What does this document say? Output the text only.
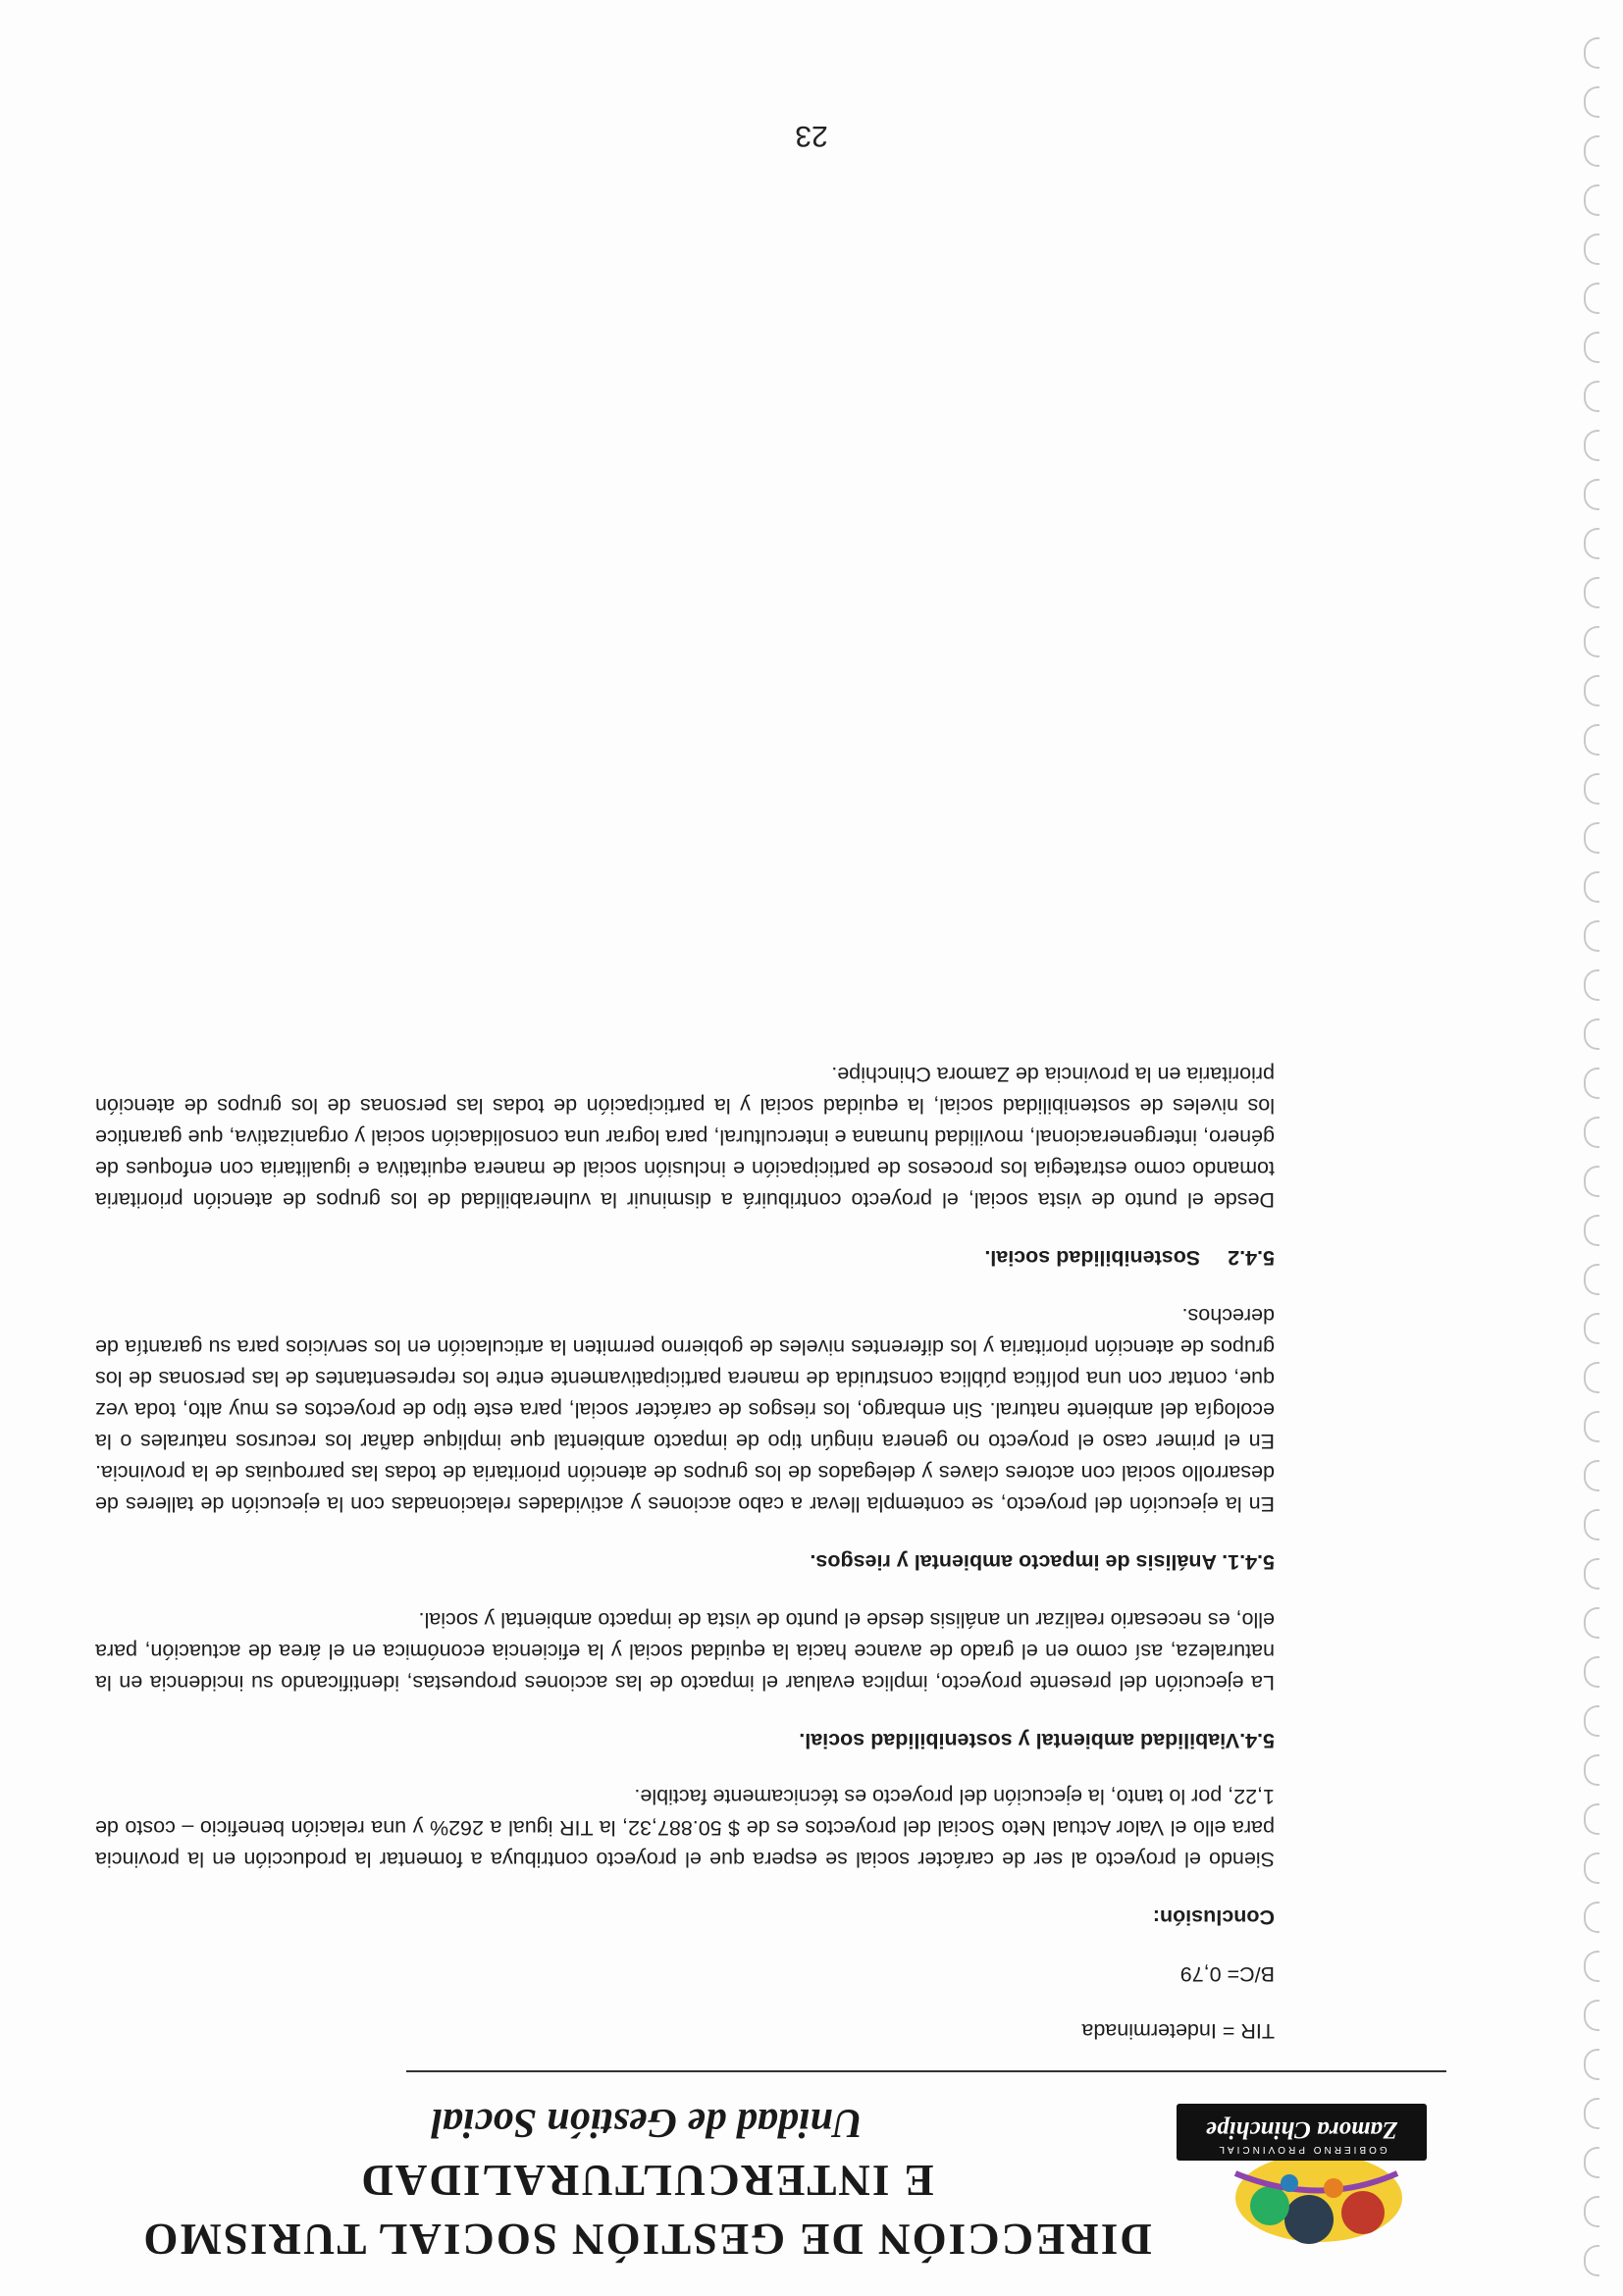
GOBIERNO PROVINCIAL
Zamora Chinchipe
DIRECCIÓN DE GESTIÓN SOCIAL TURISMO
E INTERCULTURALIDAD
Unidad de Gestión Social
TIR = Indeterminada
B/C= 0,79
Conclusión:

Siendo el proyecto al ser de carácter social se espera que el proyecto contribuya a fomentar la producción en la provincia para ello el Valor Actual Neto Social del proyectos es de $ 50.887,32, la TIR igual a 262% y una relación beneficio – costo de 1,22, por lo tanto, la ejecución del proyecto es técnicamente factible.

5.4.Viabilidad ambiental y sostenibilidad social.

La ejecución del presente proyecto, implica evaluar el impacto de las acciones propuestas, identificando su incidencia en la naturaleza, así como en el grado de avance hacia la equidad social y la eficiencia económica en el área de actuación, para ello, es necesario realizar un análisis desde el punto de vista de impacto ambiental y social.

5.4.1. Análisis de impacto ambiental y riesgos.

En la ejecución del proyecto, se contempla llevar a cabo acciones y actividades relacionadas con la ejecución de talleres de desarrollo social con actores claves y delegados de los grupos de atención prioritaria de todas las parroquias de la provincia. En el primer caso el proyecto no genera ningún tipo de impacto ambiental que implique dañar los recursos naturales o la ecología del ambiente natural. Sin embargo, los riesgos de carácter social, para este tipo de proyectos es muy alto, toda vez que, contar con una política pública construida de manera participativamente entre los representantes de las personas de los grupos de atención prioritaria y los diferentes niveles de gobierno permiten la articulación en los servicios para su garantía de derechos.

5.4.2Sostenibilidad social.

Desde el punto de vista social, el proyecto contribuirá a disminuir la vulnerabilidad de los grupos de atención prioritaria tomando como estrategia los procesos de participación e inclusión social de manera equitativa e igualitaria con enfoques de género, intergeneracional, movilidad humana e intercultural, para lograr una consolidación social y organizativa, que garantice los niveles de sostenibilidad social, la equidad social y la participación de todas las personas de los grupos de atención prioritaria en la provincia de Zamora Chinchipe.

23
